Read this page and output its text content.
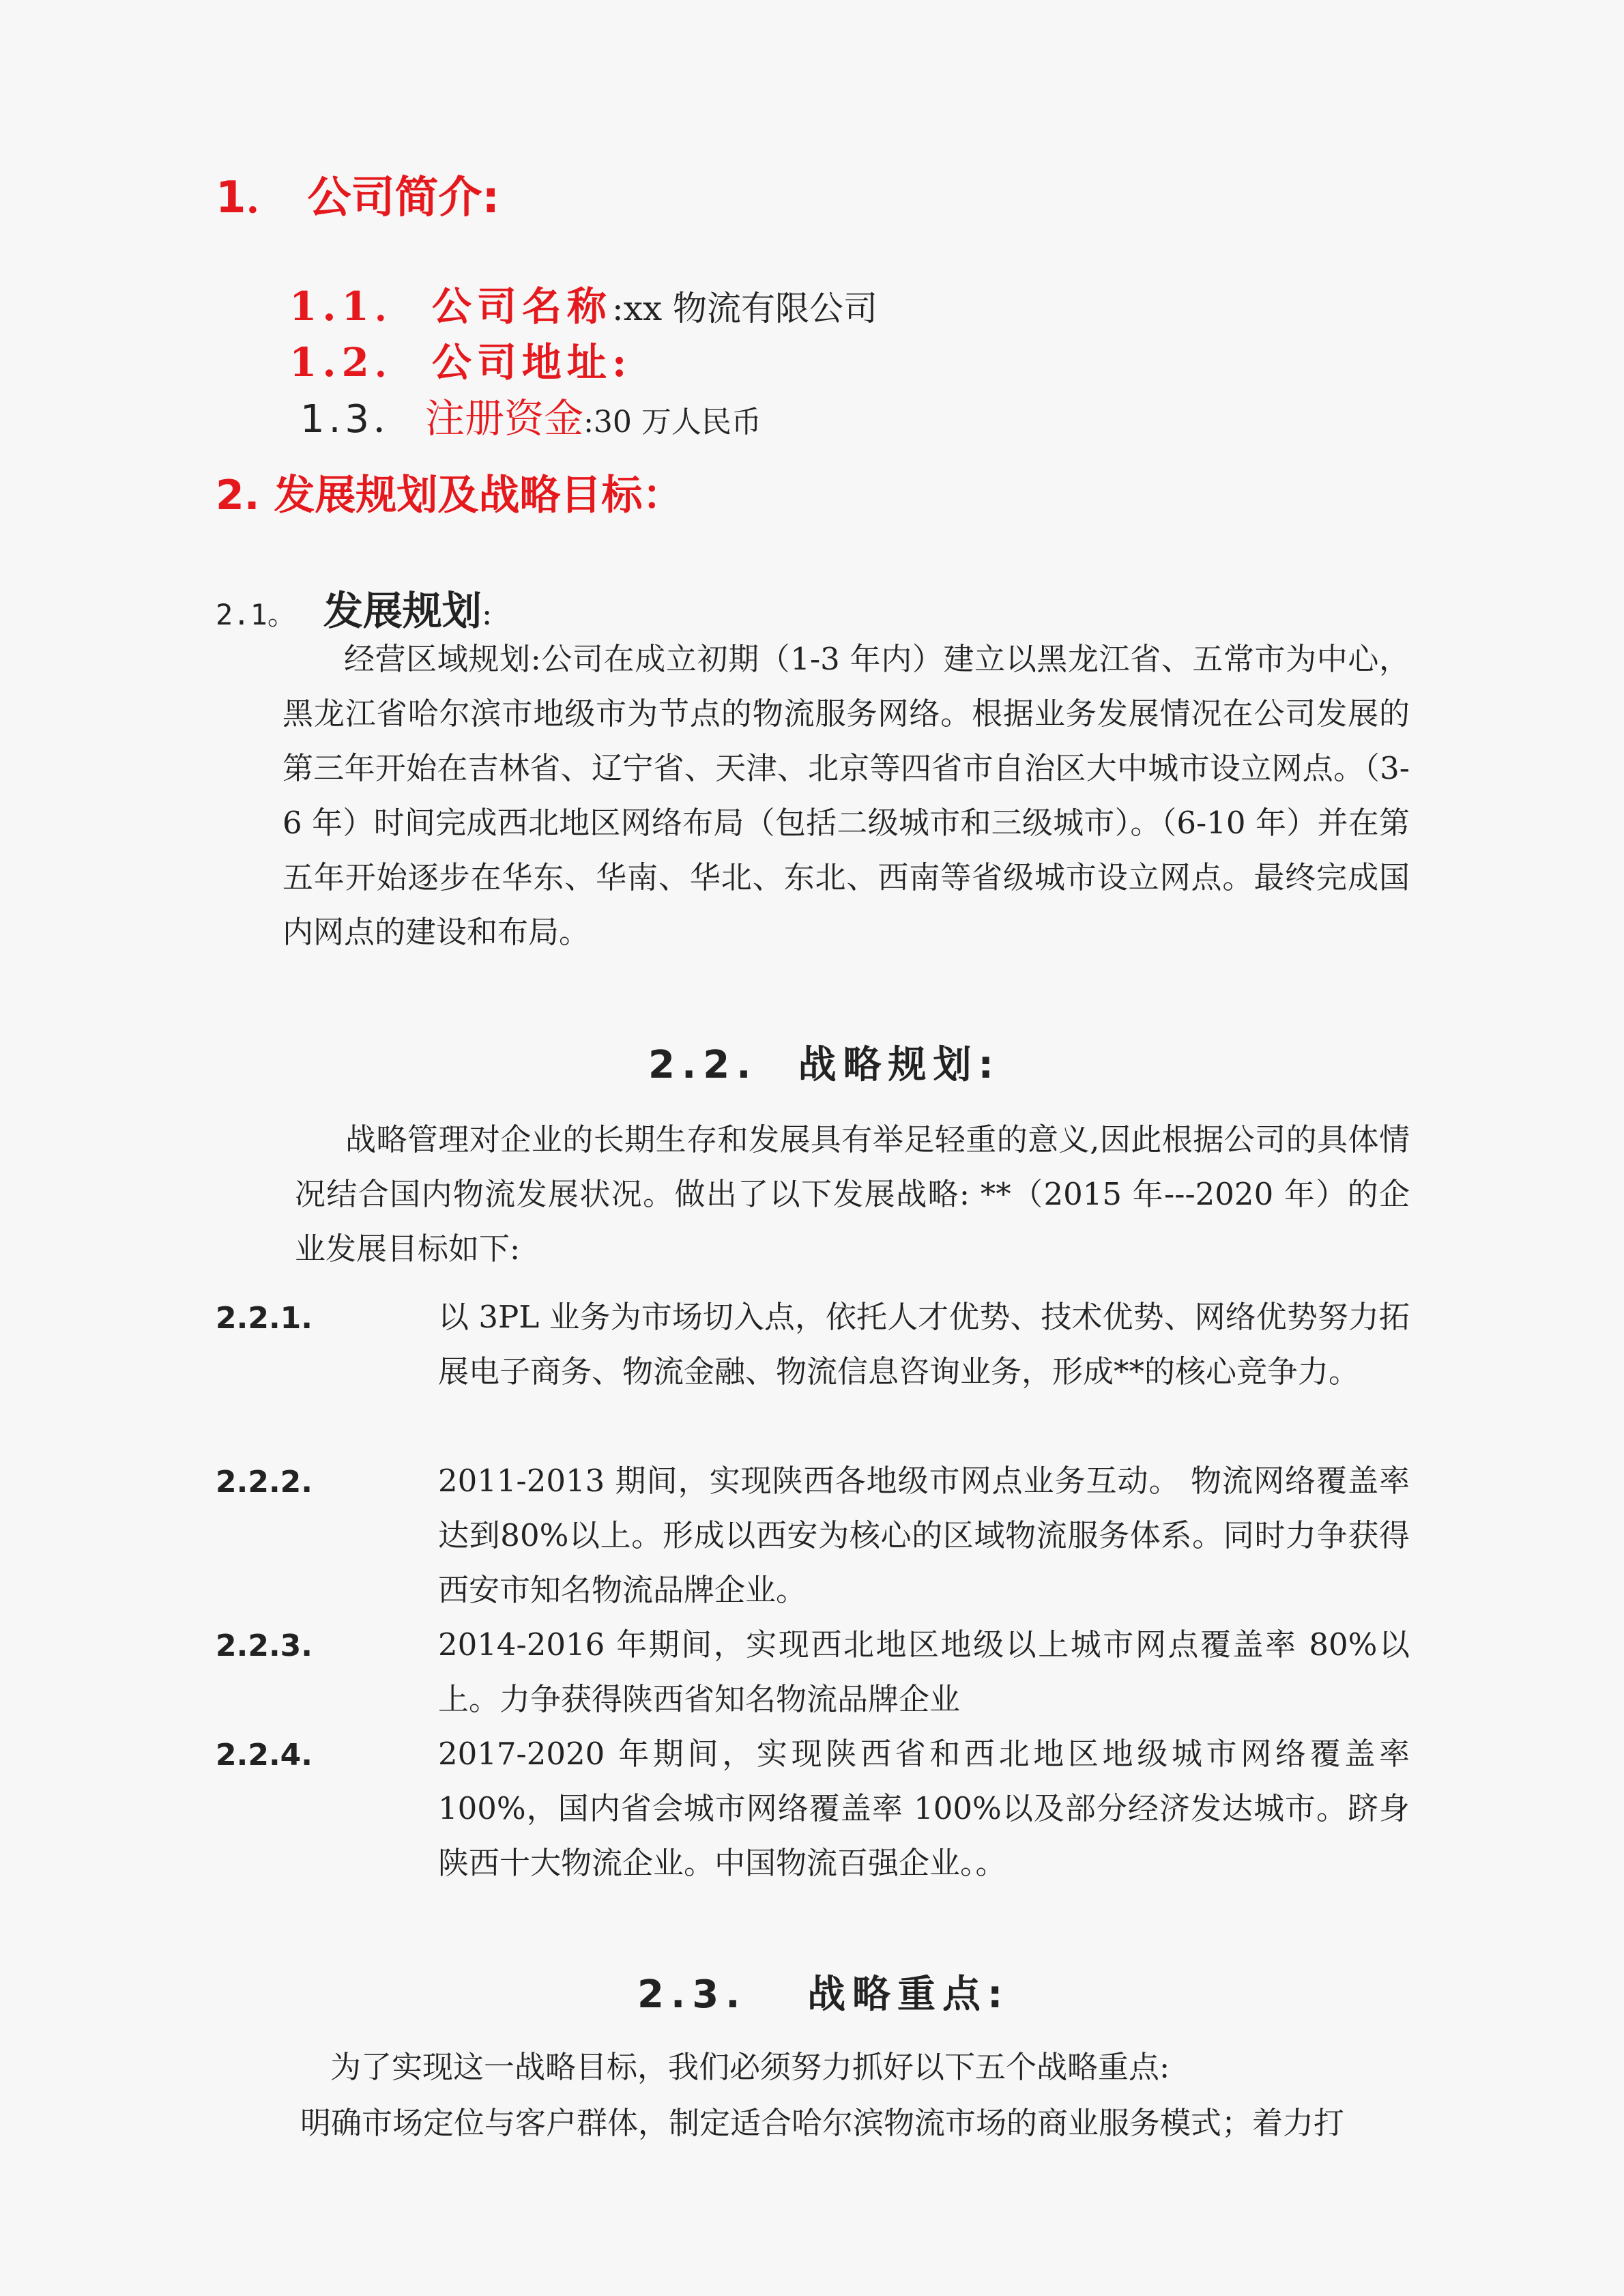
1． 公司简介:
1.1． 公司名称:xx 物流有限公司
1.2． 公司地址:
1.3． 注册资金:30 万人民币
2. 发展规划及战略目标：
2.1。 发展规划:
经营区域规划:公司在成立初期（1-3 年内）建立以黑龙江省、五常市为中心，黑龙江省哈尔滨市地级市为节点的物流服务网络。根据业务发展情况在公司发展的第三年开始在吉林省、辽宁省、天津、北京等四省市自治区大中城市设立网点。（3-6 年）时间完成西北地区网络布局（包括二级城市和三级城市）。（6-10 年）并在第五年开始逐步在华东、华南、华北、东北、西南等省级城市设立网点。最终完成国内网点的建设和布局。
2.2.  战略规划:
战略管理对企业的长期生存和发展具有举足轻重的意义,因此根据公司的具体情况结合国内物流发展状况。做出了以下发展战略: **（2015 年---2020 年）的企业发展目标如下:
2.2.1.	以 3PL 业务为市场切入点，依托人才优势、技术优势、网络优势努力拓展电子商务、物流金融、物流信息咨询业务，形成**的核心竞争力。
2.2.2.	2011-2013 期间，实现陕西各地级市网点业务互动。 物流网络覆盖率达到80%以上。形成以西安为核心的区域物流服务体系。同时力争获得西安市知名物流品牌企业。
2.2.3.	2014-2016 年期间，实现西北地区地级以上城市网点覆盖率 80%以上。力争获得陕西省知名物流品牌企业
2.2.4.	2017-2020 年期间，实现陕西省和西北地区地级城市网络覆盖率100%，国内省会城市网络覆盖率 100%以及部分经济发达城市。跻身陕西十大物流企业。中国物流百强企业。。
2.3.   战略重点:
为了实现这一战略目标，我们必须努力抓好以下五个战略重点:
明确市场定位与客户群体，制定适合哈尔滨物流市场的商业服务模式；着力打
